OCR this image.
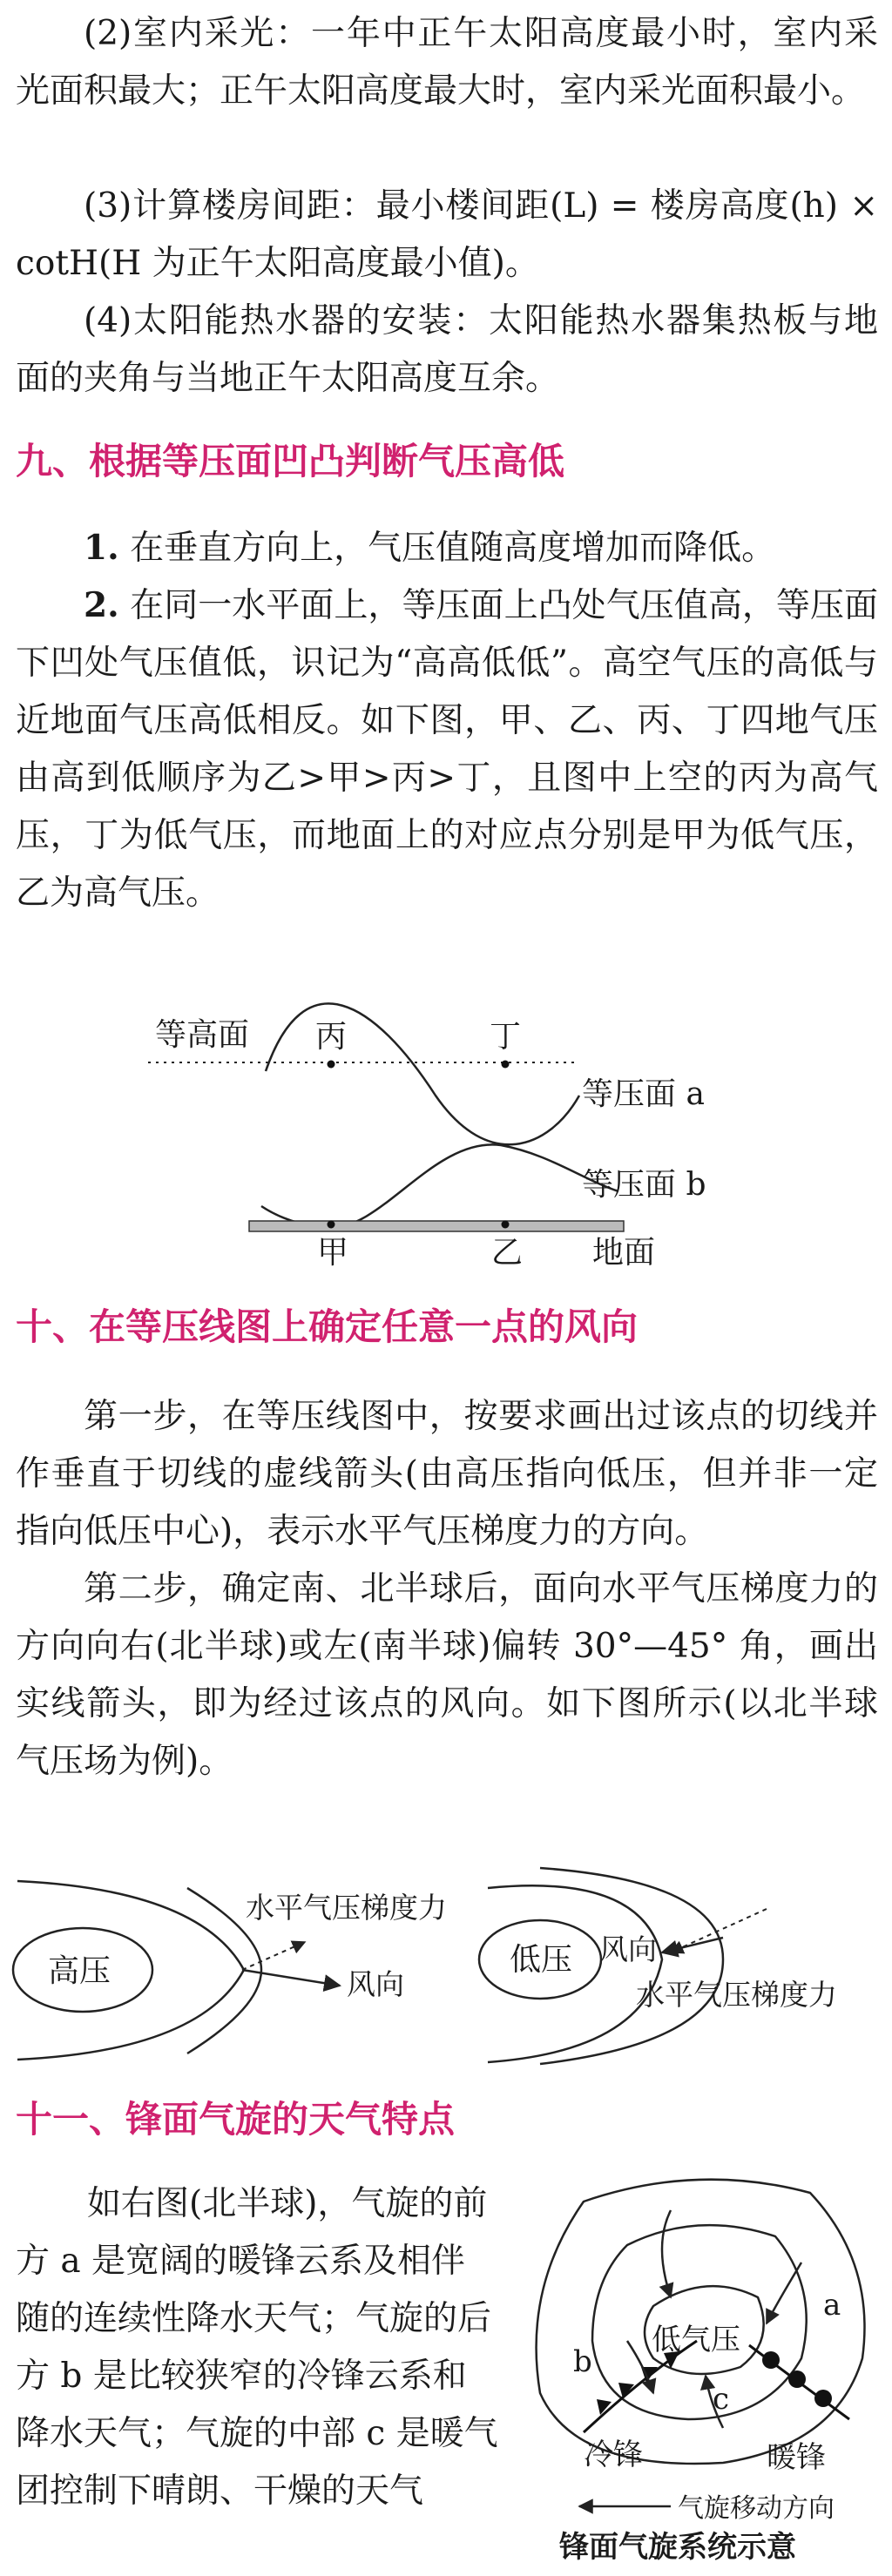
(2)室内采光：一年中正午太阳高度最小时，室内采光面积最大；正午太阳高度最大时，室内采光面积最小。

(3)计算楼房间距：最小楼间距(L) = 楼房高度(h) × cotH(H 为正午太阳高度最小值)。

(4)太阳能热水器的安装：太阳能热水器集热板与地面的夹角与当地正午太阳高度互余。

九、根据等压面凹凸判断气压高低

1. 在垂直方向上，气压值随高度增加而降低。

2. 在同一水平面上，等压面上凸处气压值高，等压面下凹处气压值低，识记为“高高低低”。高空气压的高低与近地面气压高低相反。如下图，甲、乙、丙、丁四地气压由高到低顺序为乙>甲>丙>丁，且图中上空的丙为高气压，丁为低气压，而地面上的对应点分别是甲为低气压，乙为高气压。

等高面 丙	丁
等压面 a
等压面 b
甲	乙 地面
十、在等压线图上确定任意一点的风向

第一步，在等压线图中，按要求画出过该点的切线并作垂直于切线的虚线箭头(由高压指向低压，但并非一定指向低压中心)，表示水平气压梯度力的方向。

第二步，确定南、北半球后，面向水平气压梯度力的方向向右(北半球)或左(南半球)偏转 30°—45° 角，画出实线箭头，即为经过该点的风向。如下图所示(以北半球气压场为例)。

高压
水平气压梯度力
风向
低压 风向
水平气压梯度力
十一、锋面气旋的天气特点

如右图(北半球)，气旋的前

方 a 是宽阔的暖锋云系及相伴

随的连续性降水天气；气旋的后

方 b 是比较狭窄的冷锋云系和

降水天气；气旋的中部 c 是暖气

团控制下晴朗、干燥的天气

低气压
a
b
c
冷锋	暖锋
气旋移动方向
锋面气旋系统示意
